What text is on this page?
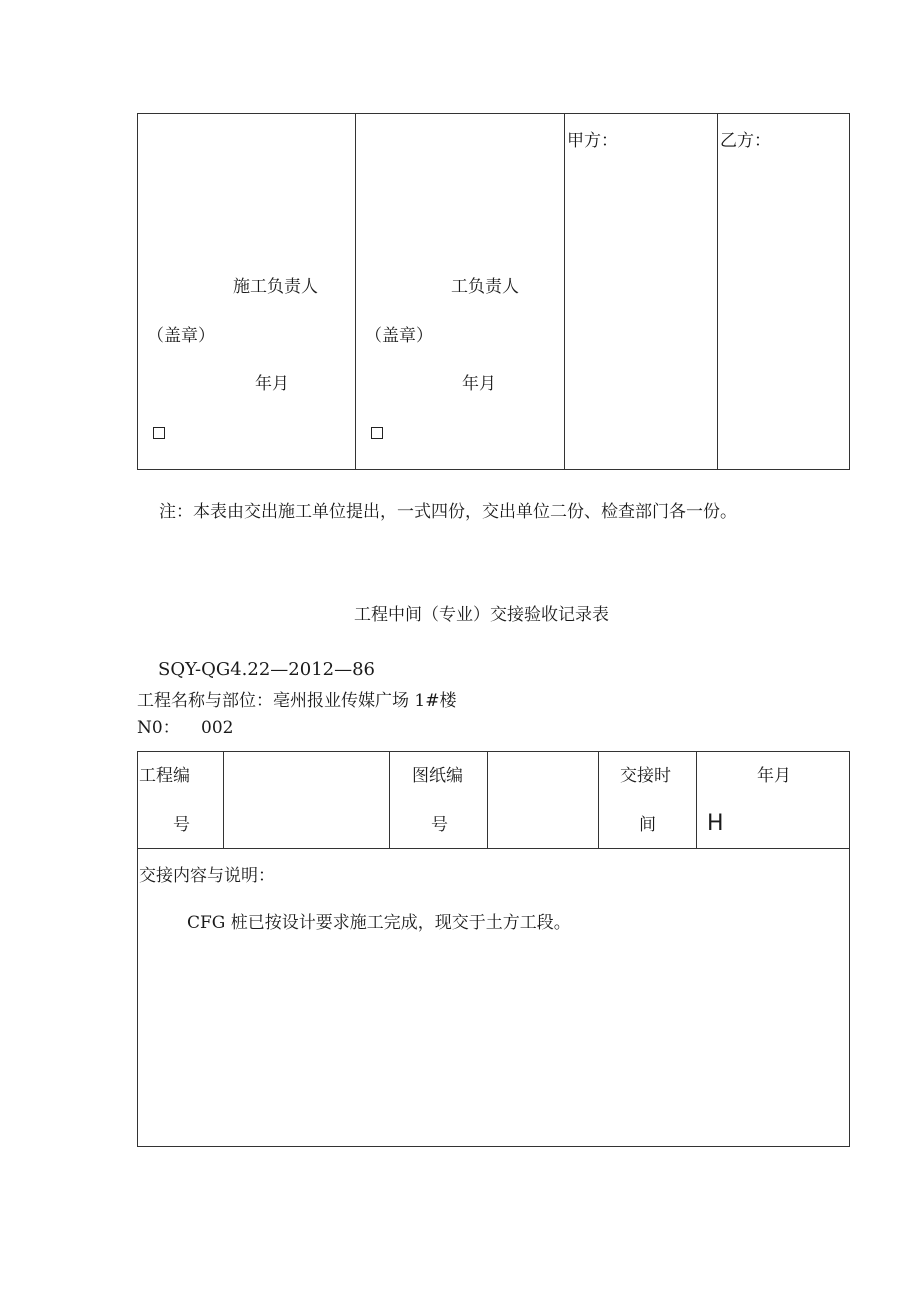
施工负责人
（盖章）
年月
工负责人
（盖章）
年月
甲方：	乙方：
注：本表由交出施工单位提出，一式四份，交出单位二份、检查部门各一份。
工程中间（专业）交接验收记录表
SQY-QG4.22—2012—86
工程名称与部位：亳州报业传媒广场 1#楼
N0： 002
工程编
号
图纸编
号
交接时
间
年月
H
交接内容与说明：
CFG 桩已按设计要求施工完成，现交于土方工段。
